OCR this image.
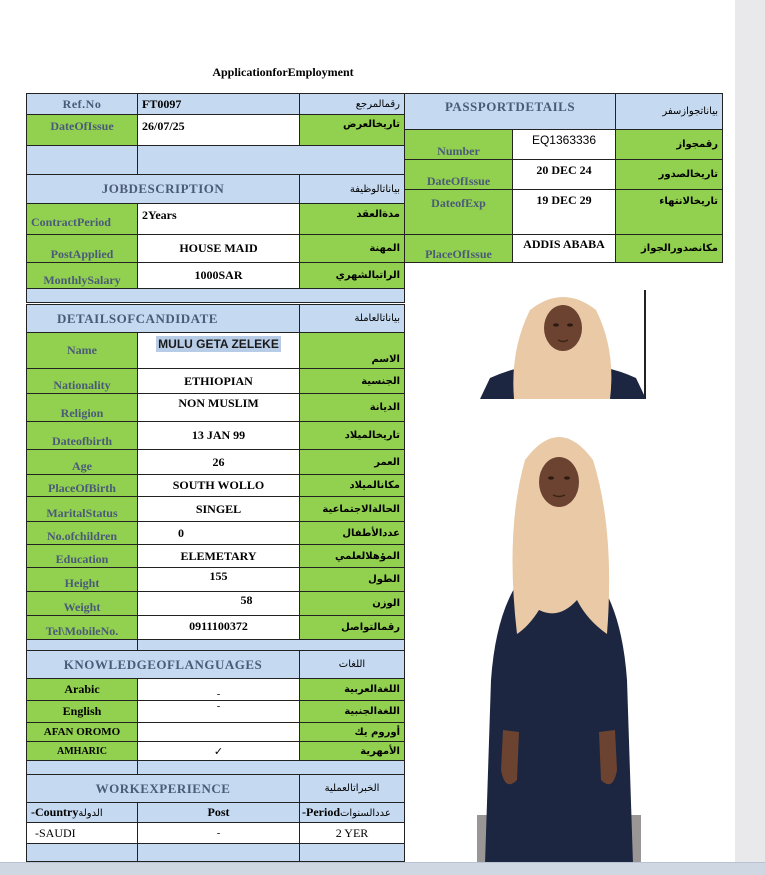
ApplicationforEmployment
Ref.No	FT0097	رقمالمرجع
DateOfIssue	26/07/25	تاريخالعرض

JOBDESCRIPTION		بياناتالوظيفة
ContractPeriod	2Years	مدةالعقد
PostApplied	HOUSE MAID	المهنة
MonthlySalary	1000SAR	الراتبالشهري

PASSPORTDETAILS		بياناتجوازسفر
Number	EQ1363336	رقمجواز
DateOfIssue	20 DEC 24	تاريخالصدور
DateofExp	19 DEC 29	تاريخالانتهاء
PlaceOfIssue	ADDIS ABABA	مكانصدورالجواز
DETAILSOFCANDIDATE		بياناتالعاملة
Name	MULU GETA ZELEKE	الاسم
Nationality	ETHIOPIAN	الجنسية
Religion	NON MUSLIM	الديانة
Dateofbirth	13 JAN 99	تاريخالميلاد
Age	26	العمر
PlaceOfBirth	SOUTH WOLLO	مكانالميلاد
MaritalStatus	SINGEL	الحالةالاجتماعية
No.ofchildren	0	عددالأطفال
Education	ELEMETARY	المؤهلالعلمي
Height	155	الطول
Weight	58	الوزن
Tel\MobileNo.	0911100372	رقمالتواصل

KNOWLEDGEOFLANGUAGES		اللغات
Arabic	-	اللغةالعربية
English	-	اللغةالجنبية
AFAN OROMO		أوروم يك
AMHARIC	✓	الأمهرية

WORKEXPERIENCE		الخبراتالعملية
-Countryالدولة	Post	-Periodعددالسنوات
-SAUDI	-	2 YER
